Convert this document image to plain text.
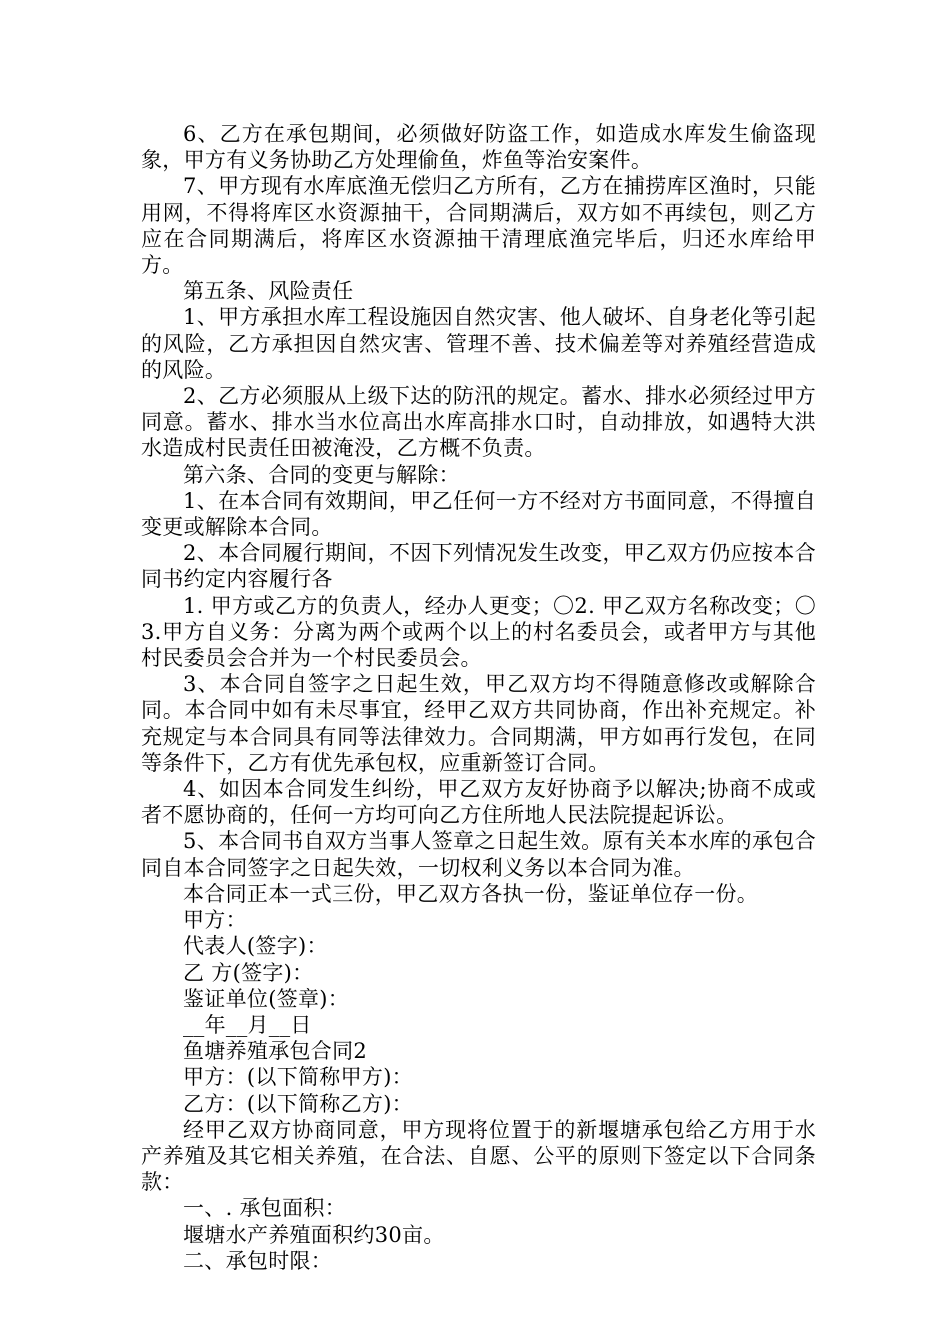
6、乙方在承包期间，必须做好防盗工作，如造成水库发生偷盗现象，甲方有义务协助乙方处理偷鱼，炸鱼等治安案件。

7、甲方现有水库底渔无偿归乙方所有，乙方在捕捞库区渔时，只能用网，不得将库区水资源抽干，合同期满后，双方如不再续包，则乙方应在合同期满后，将库区水资源抽干清理底渔完毕后，归还水库给甲方。

第五条、风险责任

1、甲方承担水库工程设施因自然灾害、他人破坏、自身老化等引起的风险，乙方承担因自然灾害、管理不善、技术偏差等对养殖经营造成的风险。

2、乙方必须服从上级下达的防汛的规定。蓄水、排水必须经过甲方同意。蓄水、排水当水位高出水库高排水口时，自动排放，如遇特大洪水造成村民责任田被淹没，乙方概不负责。

第六条、合同的变更与解除：

1、在本合同有效期间，甲乙任何一方不经对方书面同意，不得擅自变更或解除本合同。

2、本合同履行期间，不因下列情况发生改变，甲乙双方仍应按本合同书约定内容履行各

1. 甲方或乙方的负责人，经办人更变；〇2. 甲乙双方名称改变；〇3.甲方自义务：分离为两个或两个以上的村名委员会，或者甲方与其他村民委员会合并为一个村民委员会。

3、本合同自签字之日起生效，甲乙双方均不得随意修改或解除合同。本合同中如有未尽事宜，经甲乙双方共同协商，作出补充规定。补充规定与本合同具有同等法律效力。合同期满，甲方如再行发包，在同等条件下，乙方有优先承包权，应重新签订合同。

4、如因本合同发生纠纷，甲乙双方友好协商予以解决;协商不成或者不愿协商的，任何一方均可向乙方住所地人民法院提起诉讼。

5、本合同书自双方当事人签章之日起生效。原有关本水库的承包合同自本合同签字之日起失效，一切权利义务以本合同为准。

本合同正本一式三份，甲乙双方各执一份，鉴证单位存一份。

甲方：

代表人(签字)：

乙 方(签字)：

鉴证单位(签章)：

__年__月__日

鱼塘养殖承包合同2

甲方：(以下简称甲方)：

乙方：(以下简称乙方)：

经甲乙双方协商同意，甲方现将位置于的新堰塘承包给乙方用于水产养殖及其它相关养殖，在合法、自愿、公平的原则下签定以下合同条款：

一、. 承包面积：

堰塘水产养殖面积约30亩。

二、承包时限：
